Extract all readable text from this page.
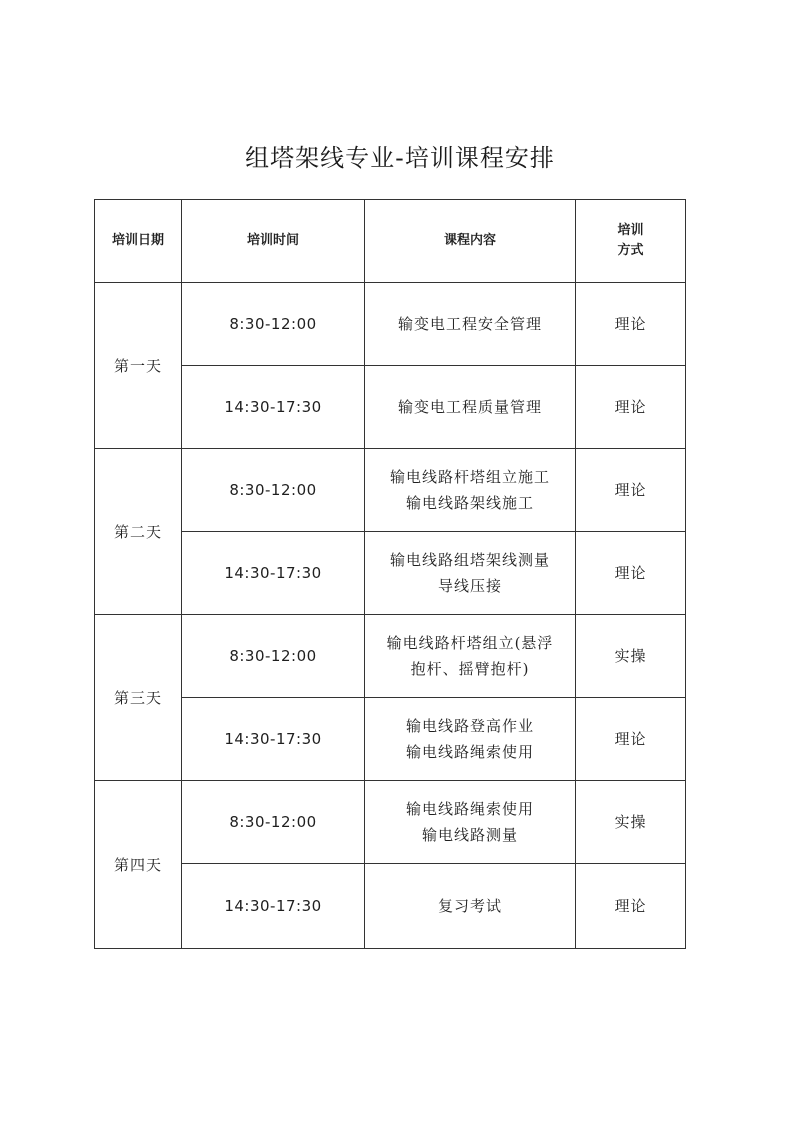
组塔架线专业-培训课程安排
培训日期	培训时间	课程内容	培训
方式

第一天	8:30-12:00	输变电工程安全管理	理论
	14:30-17:30	输变电工程质量管理	理论
第二天	8:30-12:00	输电线路杆塔组立施工
输电线路架线施工	理论
	14:30-17:30	输电线路组塔架线测量
导线压接	理论
第三天	8:30-12:00	输电线路杆塔组立(悬浮
抱杆、摇臂抱杆)	实操
	14:30-17:30	输电线路登高作业
输电线路绳索使用	理论
第四天	8:30-12:00	输电线路绳索使用
输电线路测量	实操
	14:30-17:30	复习考试	理论
